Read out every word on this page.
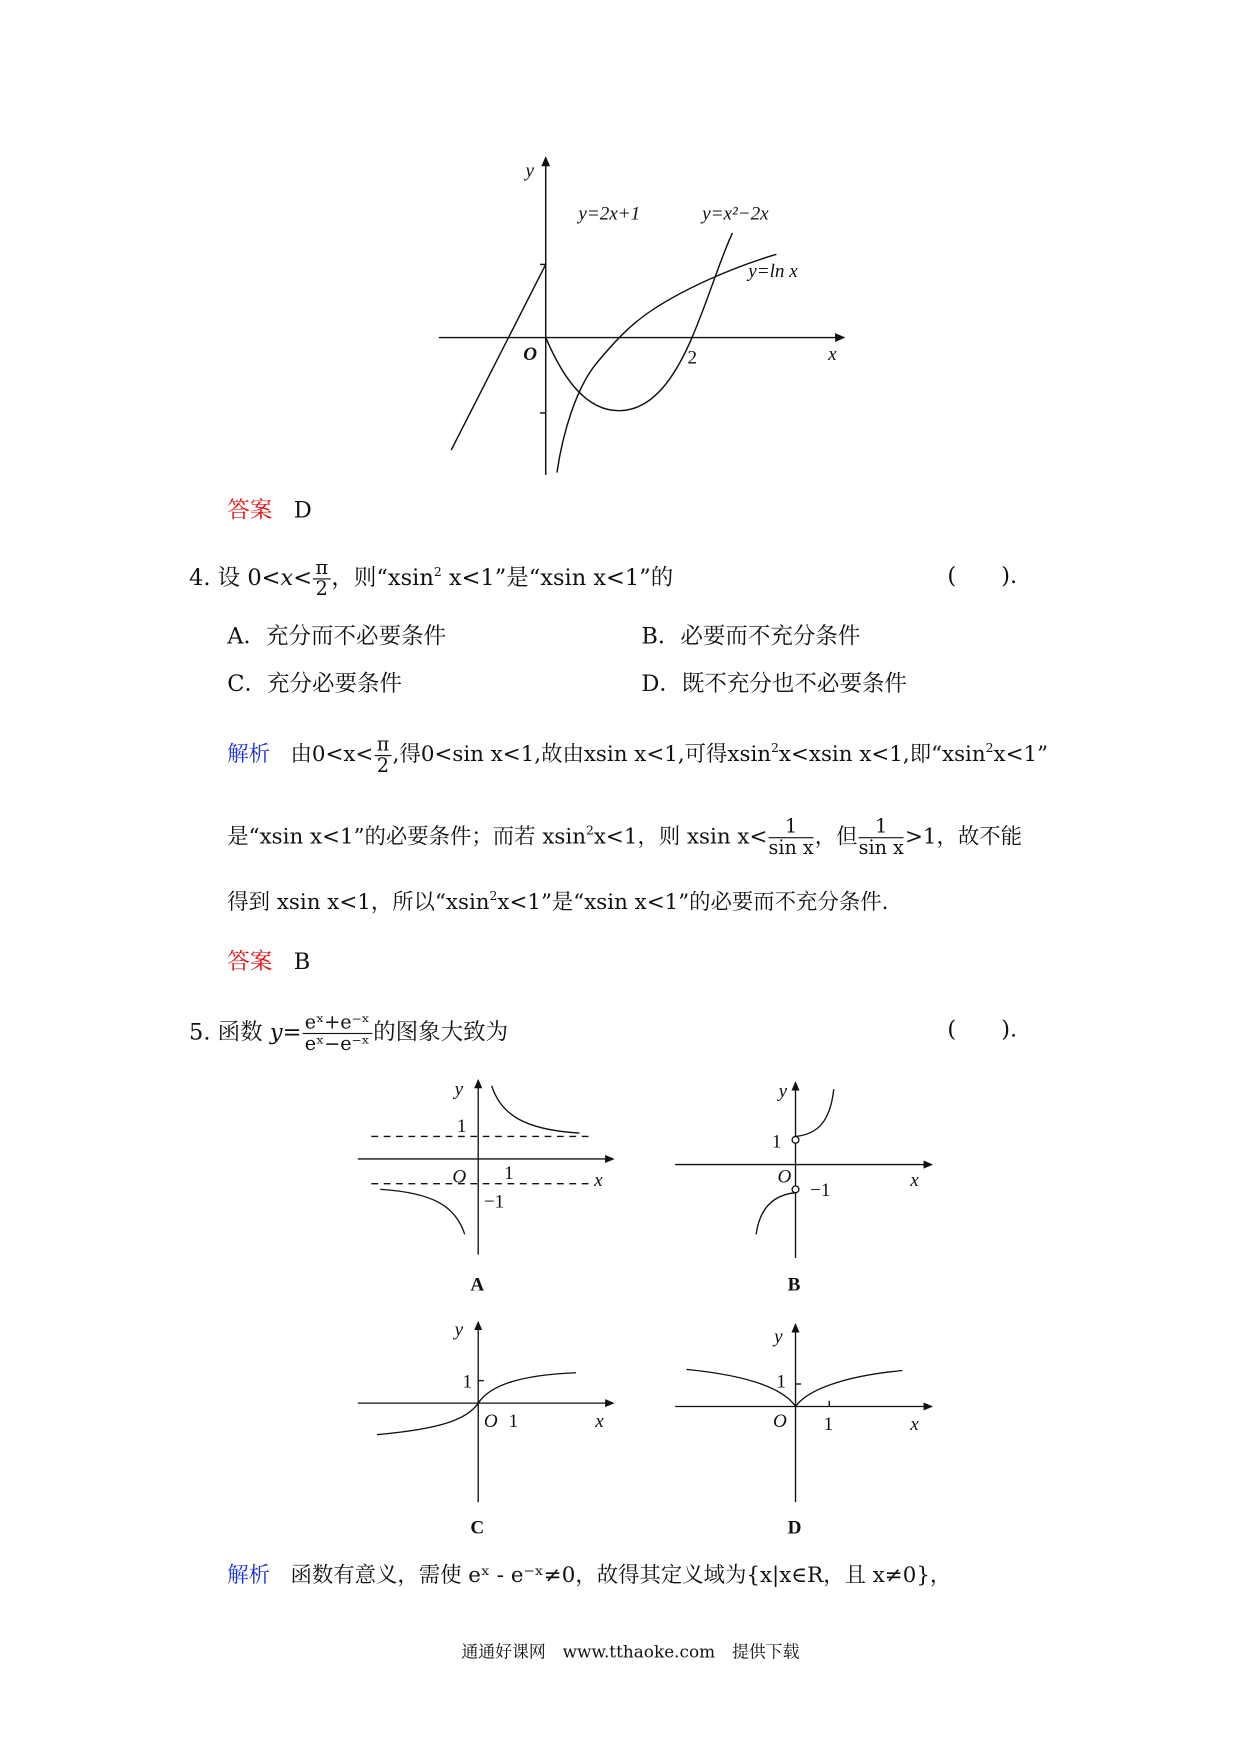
y
y=2x+1	y=x²−2x
y=ln x
O	2	x
y
1
O 1	x
−1
A
y
1
O
−1	x
B
y
1
O 1	x
C
y
1
O 1	x
D
答案 D
4. 设 $0<x< \frac{\pi}{2}$ ，则“xsin$^2$ x<1”是“xsin x<1”的	(　　).
A．充分而不必要条件	B．必要而不充分条件
C．充分必要条件	D．既不充分也不必要条件
解析 由$0<x< \frac{\pi}{2}$ ,得0<sin x<1,故由xsin x<1,可得xsin$^2$x<xsin x<1,即“xsin$^2$x<1”
是“xsin x<1”的必要条件；而若 xsin$^2$x<1，则 xsin $x< \frac{1}{\text{sin x}}$ ，但 $\frac{1}{\text{sin x}} >1$，故不能
得到 xsin x<1，所以“xsin$^2$x<1”是“xsin x<1”的必要而不充分条件.
答案 B
5. 函数 $y= \frac{\text{eˣ+e⁻ˣ}}{\text{eˣ−e⁻ˣ}}$ 的图象大致为	(　　).
解析 函数有意义，需使 eˣ - e⁻ˣ≠0，故得其定义域为{x|x∈R，且 x≠0}，
通通好课网　www.tthaoke.com　提供下载
